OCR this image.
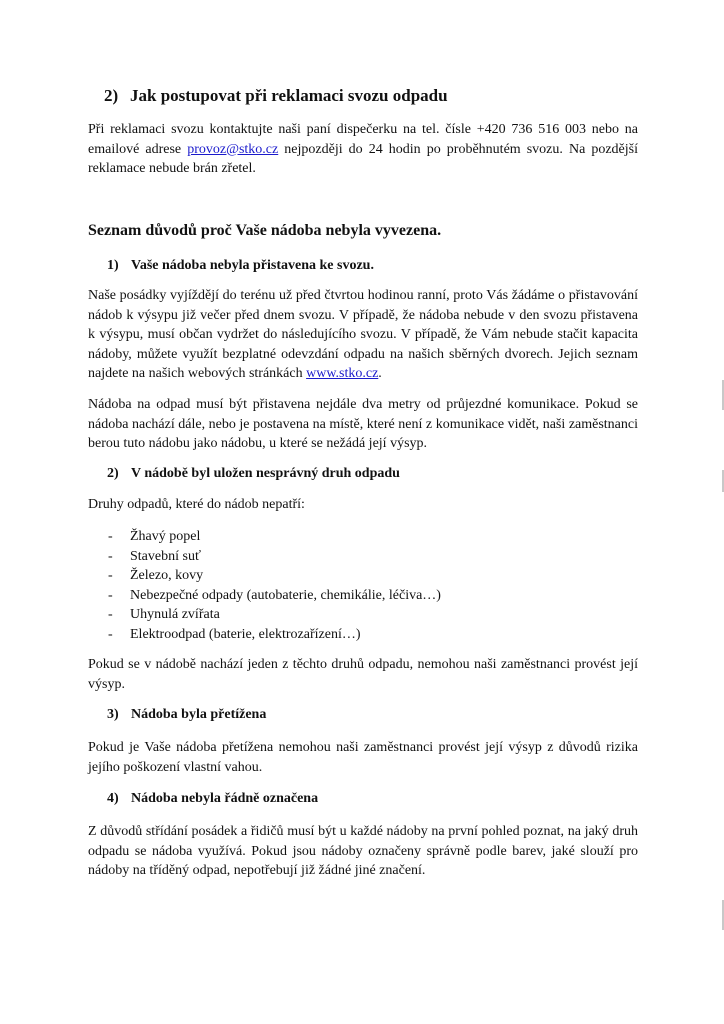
2) Jak postupovat při reklamaci svozu odpadu

Při reklamaci svozu kontaktujte naši paní dispečerku na tel. čísle +420 736 516 003 nebo na emailové adrese provoz@stko.cz nejpozději do 24 hodin po proběhnutém svozu. Na pozdější reklamace nebude brán zřetel.

Seznam důvodů proč Vaše nádoba nebyla vyvezena.
1) Vaše nádoba nebyla přistavena ke svozu.

Naše posádky vyjíždějí do terénu už před čtvrtou hodinou ranní, proto Vás žádáme o přistavování nádob k výsypu již večer před dnem svozu. V případě, že nádoba nebude v den svozu přistavena k výsypu, musí občan vydržet do následujícího svozu. V případě, že Vám nebude stačit kapacita nádoby, můžete využít bezplatné odevzdání odpadu na našich sběrných dvorech. Jejich seznam najdete na našich webových stránkách www.stko.cz.

Nádoba na odpad musí být přistavena nejdále dva metry od průjezdné komunikace. Pokud se nádoba nachází dále, nebo je postavena na místě, které není z komunikace vidět, naši zaměstnanci berou tuto nádobu jako nádobu, u které se nežádá její výsyp.

2) V nádobě byl uložen nesprávný druh odpadu

Druhy odpadů, které do nádob nepatří:

- Žhavý popel
- Stavební suť
- Železo, kovy
- Nebezpečné odpady (autobaterie, chemikálie, léčiva…)
- Uhynulá zvířata
- Elektroodpad (baterie, elektrozařízení…)

Pokud se v nádobě nachází jeden z těchto druhů odpadu, nemohou naši zaměstnanci provést její výsyp.

3) Nádoba byla přetížena

Pokud je Vaše nádoba přetížena nemohou naši zaměstnanci provést její výsyp z důvodů rizika jejího poškození vlastní vahou.

4) Nádoba nebyla řádně označena

Z důvodů střídání posádek a řidičů musí být u každé nádoby na první pohled poznat, na jaký druh odpadu se nádoba využívá. Pokud jsou nádoby označeny správně podle barev, jaké slouží pro nádoby na tříděný odpad, nepotřebují již žádné jiné značení.
